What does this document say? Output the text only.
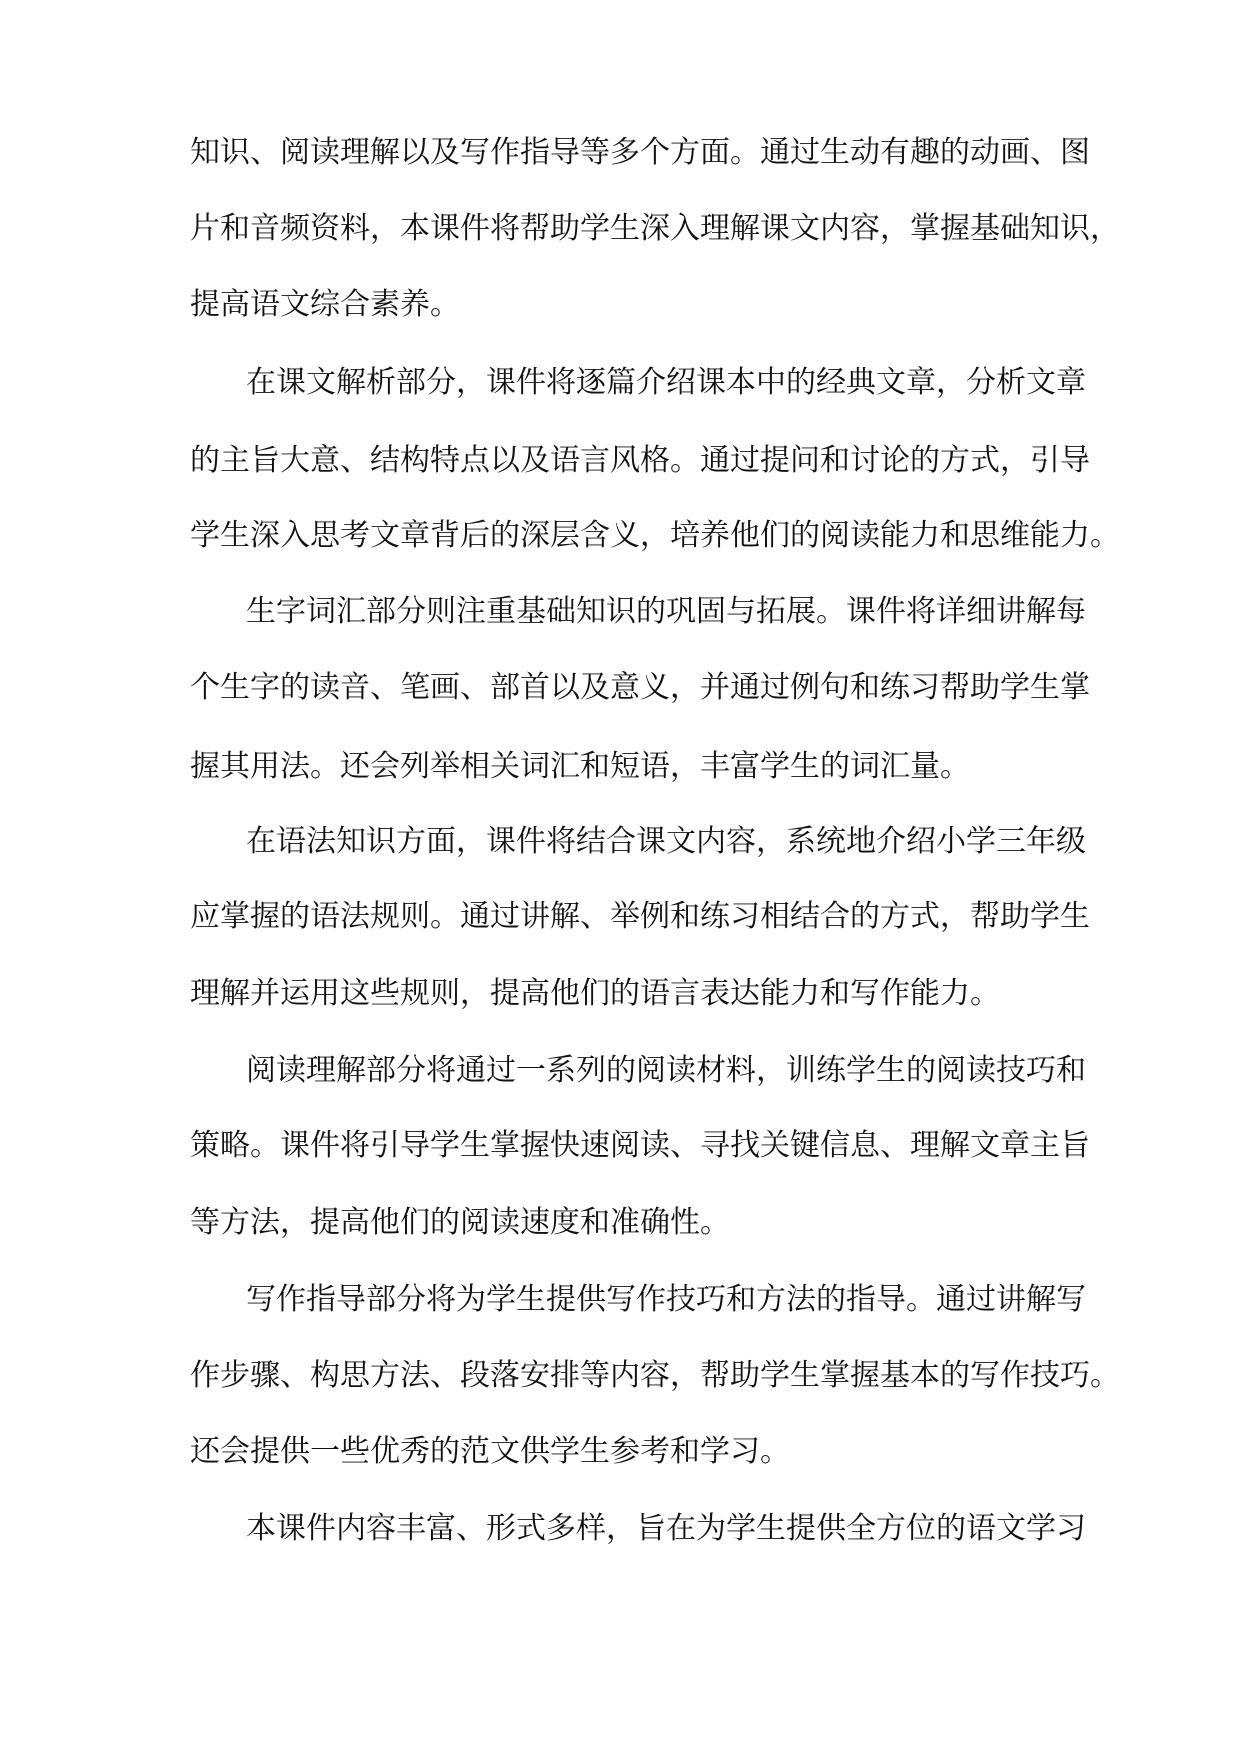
知识、阅读理解以及写作指导等多个方面。通过生动有趣的动画、图
片和音频资料，本课件将帮助学生深入理解课文内容，掌握基础知识，
提高语文综合素养。
在课文解析部分，课件将逐篇介绍课本中的经典文章，分析文章
的主旨大意、结构特点以及语言风格。通过提问和讨论的方式，引导
学生深入思考文章背后的深层含义，培养他们的阅读能力和思维能力。
生字词汇部分则注重基础知识的巩固与拓展。课件将详细讲解每
个生字的读音、笔画、部首以及意义，并通过例句和练习帮助学生掌
握其用法。还会列举相关词汇和短语，丰富学生的词汇量。
在语法知识方面，课件将结合课文内容，系统地介绍小学三年级
应掌握的语法规则。通过讲解、举例和练习相结合的方式，帮助学生
理解并运用这些规则，提高他们的语言表达能力和写作能力。
阅读理解部分将通过一系列的阅读材料，训练学生的阅读技巧和
策略。课件将引导学生掌握快速阅读、寻找关键信息、理解文章主旨
等方法，提高他们的阅读速度和准确性。
写作指导部分将为学生提供写作技巧和方法的指导。通过讲解写
作步骤、构思方法、段落安排等内容，帮助学生掌握基本的写作技巧。
还会提供一些优秀的范文供学生参考和学习。
本课件内容丰富、形式多样，旨在为学生提供全方位的语文学习
